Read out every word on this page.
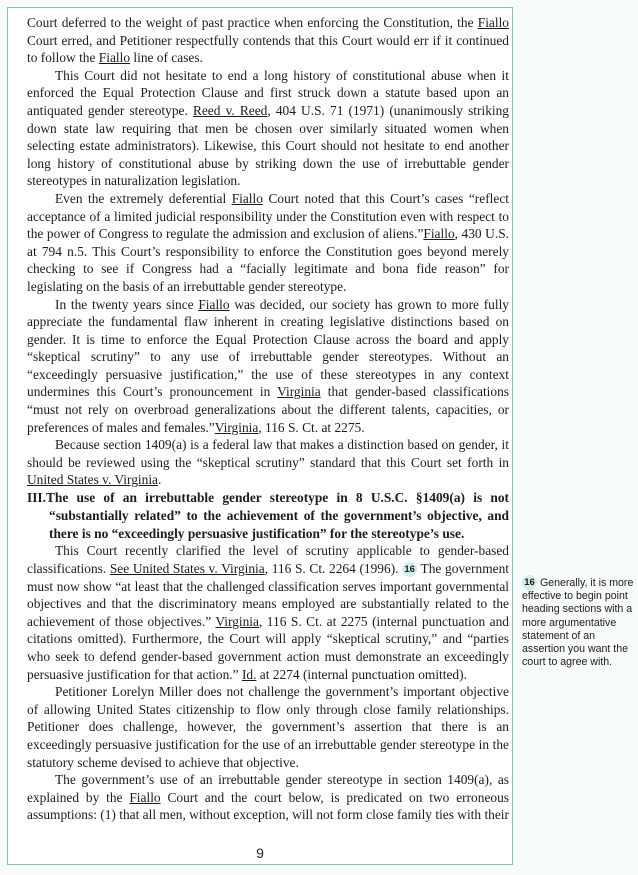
Court deferred to the weight of past practice when enforcing the Constitution, the Fiallo Court erred, and Petitioner respectfully contends that this Court would err if it continued to follow the Fiallo line of cases.

This Court did not hesitate to end a long history of constitutional abuse when it enforced the Equal Protection Clause and first struck down a statute based upon an antiquated gender stereotype. Reed v. Reed, 404 U.S. 71 (1971) (unanimously striking down state law requiring that men be chosen over similarly situated women when selecting estate administrators). Likewise, this Court should not hesitate to end another long history of constitutional abuse by striking down the use of irrebuttable gender stereotypes in naturalization legislation.

Even the extremely deferential Fiallo Court noted that this Court’s cases “reflect acceptance of a limited judicial responsibility under the Constitution even with respect to the power of Congress to regulate the admission and exclusion of aliens.”Fiallo, 430 U.S. at 794 n.5. This Court’s responsibility to enforce the Constitution goes beyond merely checking to see if Congress had a “facially legitimate and bona fide reason” for legislating on the basis of an irrebuttable gender stereotype.

In the twenty years since Fiallo was decided, our society has grown to more fully appreciate the fundamental flaw inherent in creating legislative distinctions based on gender. It is time to enforce the Equal Protection Clause across the board and apply “skeptical scrutiny” to any use of irrebuttable gender stereotypes. Without an “exceedingly persuasive justification,” the use of these stereotypes in any context undermines this Court’s pronouncement in Virginia that gender-based classifications “must not rely on overbroad generalizations about the different talents, capacities, or preferences of males and females.”Virginia, 116 S. Ct. at 2275.

Because section 1409(a) is a federal law that makes a distinction based on gender, it should be reviewed using the “skeptical scrutiny” standard that this Court set forth in United States v. Virginia.

III.The use of an irrebuttable gender stereotype in 8 U.S.C. §1409(a) is not “substantially related” to the achievement of the government’s objective, and there is no “exceedingly persuasive justification” for the stereotype’s use.

This Court recently clarified the level of scrutiny applicable to gender-based classifications. See United States v. Virginia, 116 S. Ct. 2264 (1996). 16 The government must now show “at least that the challenged classification serves important governmental objectives and that the discriminatory means employed are substantially related to the achievement of those objectives.” Virginia, 116 S. Ct. at 2275 (internal punctuation and citations omitted). Furthermore, the Court will apply “skeptical scrutiny,” and “parties who seek to defend gender-based government action must demonstrate an exceedingly persuasive justification for that action.” Id. at 2274 (internal punctuation omitted).

Petitioner Lorelyn Miller does not challenge the government’s important objective of allowing United States citizenship to flow only through close family relationships. Petitioner does challenge, however, the government’s assertion that there is an exceedingly persuasive justification for the use of an irrebuttable gender stereotype in the statutory scheme devised to achieve that objective.

The government’s use of an irrebuttable gender stereotype in section 1409(a), as explained by the Fiallo Court and the court below, is predicated on two erroneous assumptions: (1) that all men, without exception, will not form close family ties with their

9
16 Generally, it is more effective to begin point heading sections with a more argumentative statement of an assertion you want the court to agree with.
